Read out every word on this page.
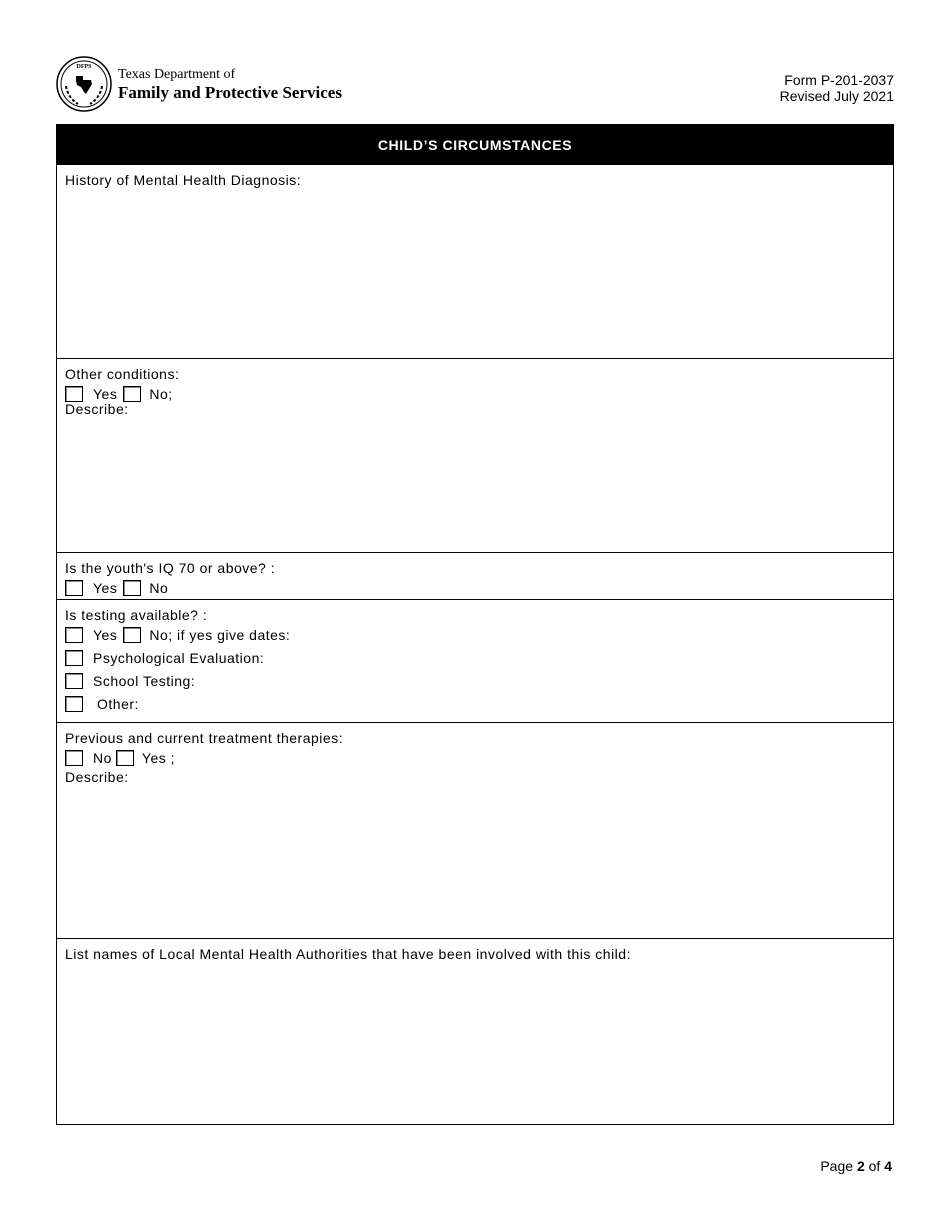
DFPS Texas Department of
Family and Protective Services
Form P-201-2037
Revised July 2021
CHILD’S CIRCUMSTANCES
History of Mental Health Diagnosis:
Other conditions:
Yes No;
Describe:
Is the youth's IQ 70 or above? :
Yes No
Is testing available? :
Yes No; if yes give dates:
Psychological Evaluation:
School Testing:
Other:
Previous and current treatment therapies:
No Yes ;
Describe:
List names of Local Mental Health Authorities that have been involved with this child:
Page 2 of 4
